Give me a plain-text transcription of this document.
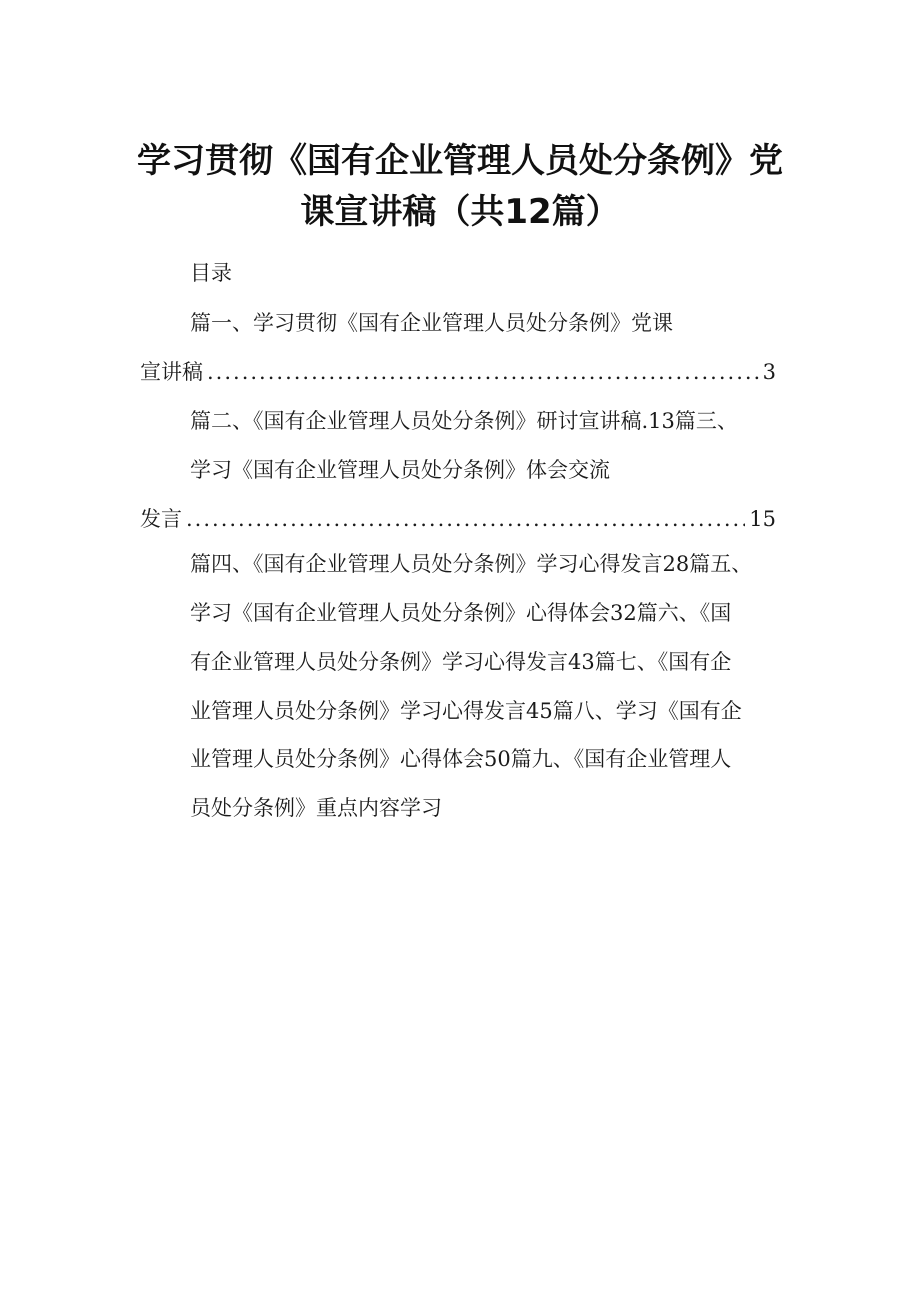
学习贯彻《国有企业管理人员处分条例》党
课宣讲稿（共12篇）
目录
篇一、学习贯彻《国有企业管理人员处分条例》党课
宣讲稿 .....	3
篇二、《国有企业管理人员处分条例》研讨宣讲稿.13篇三、
学习《国有企业管理人员处分条例》体会交流
发言 .....	15
篇四、《国有企业管理人员处分条例》学习心得发言28篇五、
学习《国有企业管理人员处分条例》心得体会32篇六、《国
有企业管理人员处分条例》学习心得发言43篇七、《国有企
业管理人员处分条例》学习心得发言45篇八、学习《国有企
业管理人员处分条例》心得体会50篇九、《国有企业管理人
员处分条例》重点内容学习
